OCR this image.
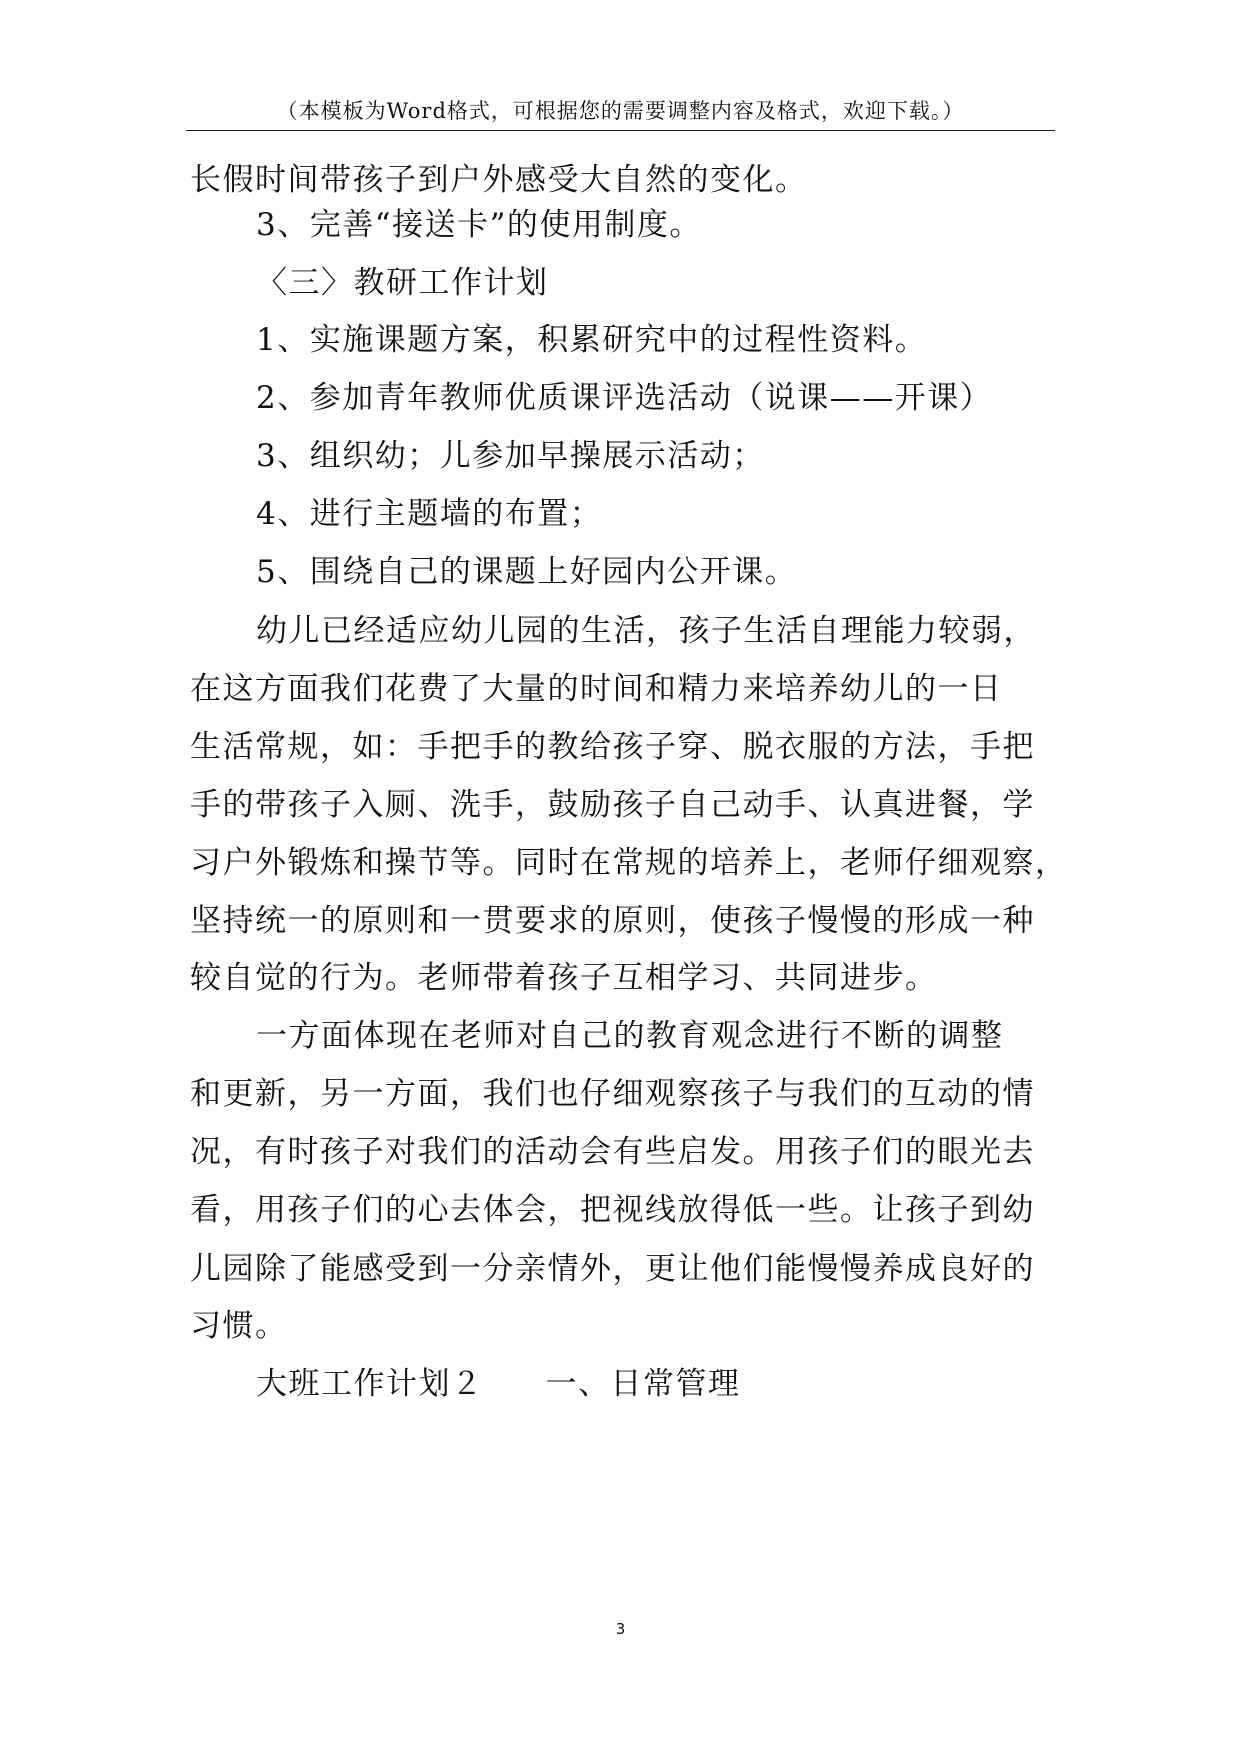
（本模板为Word格式，可根据您的需要调整内容及格式，欢迎下载。）
长假时间带孩子到户外感受大自然的变化。
3、完善“接送卡”的使用制度。
〈三〉教研工作计划
1、实施课题方案，积累研究中的过程性资料。
2、参加青年教师优质课评选活动（说课——开课）
3、组织幼；儿参加早操展示活动；
4、进行主题墙的布置；
5、围绕自己的课题上好园内公开课。
幼儿已经适应幼儿园的生活，孩子生活自理能力较弱，
在这方面我们花费了大量的时间和精力来培养幼儿的一日
生活常规，如：手把手的教给孩子穿、脱衣服的方法，手把
手的带孩子入厕、洗手，鼓励孩子自己动手、认真进餐，学
习户外锻炼和操节等。同时在常规的培养上，老师仔细观察，
坚持统一的原则和一贯要求的原则，使孩子慢慢的形成一种
较自觉的行为。老师带着孩子互相学习、共同进步。
一方面体现在老师对自己的教育观念进行不断的调整
和更新，另一方面，我们也仔细观察孩子与我们的互动的情
况，有时孩子对我们的活动会有些启发。用孩子们的眼光去
看，用孩子们的心去体会，把视线放得低一些。让孩子到幼
儿园除了能感受到一分亲情外，更让他们能慢慢养成良好的
习惯。
大班工作计划２ 一、日常管理
3
